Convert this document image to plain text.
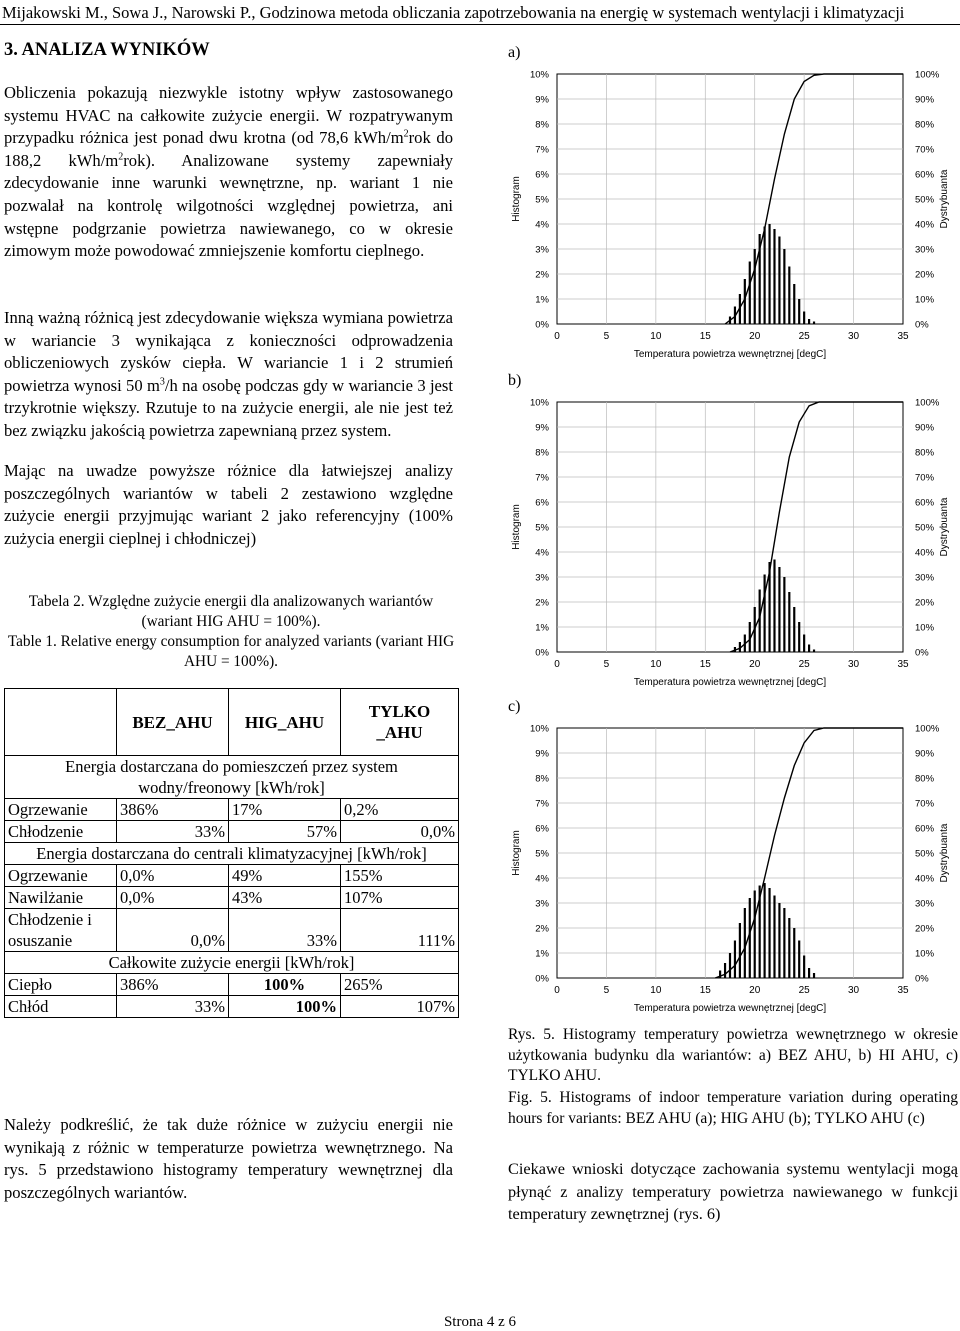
Mijakowski M., Sowa J., Narowski P., Godzinowa metoda obliczania zapotrzebowania na energię w systemach wentylacji i klimatyzacji
3. ANALIZA WYNIKÓW

Obliczenia pokazują niezwykle istotny wpływ zastosowanego systemu HVAC na całkowite zużycie energii. W rozpatrywanym przypadku różnica jest ponad dwu krotna (od 78,6 kWh/$m^2rok$ do 188,2 kWh/$m^2rok$). Analizowane systemy zapewniały zdecydowanie inne warunki wewnętrzne, np. wariant 1 nie pozwalał na kontrolę wilgotności względnej powietrza, ani wstępne podgrzanie powietrza nawiewanego, co w okresie zimowym może powodować zmniejszenie komfortu cieplnego.

Inną ważną różnicą jest zdecydowanie większa wymiana powietrza w wariancie 3 wynikająca z konieczności odprowadzenia obliczeniowych zysków ciepła. W wariancie 1 i 2 strumień powietrza wynosi 50 $m^3/h$ na osobę podczas gdy w wariancie 3 jest trzykrotnie większy. Rzutuje to na zużycie energii, ale nie jest też bez związku jakością powietrza zapewnianą przez system.

Mając na uwadze powyższe różnice dla łatwiejszej analizy poszczególnych wariantów w tabeli 2 zestawiono względne zużycie energii przyjmując wariant 2 jako referencyjny (100% zużycia energii cieplnej i chłodniczej)

Tabela 2. Względne zużycie energii dla analizowanych wariantów (wariant HIG AHU = 100%).
Table 1. Relative energy consumption for analyzed variants (variant HIG AHU = 100%).
	BEZ_AHU	HIG_AHU	TYLKO _AHU
Energia dostarczana do pomieszczeń przez system wodny/freonowy [kWh/rok]			
Ogrzewanie	386%	17%	0,2%
Chłodzenie	33%	57%	0,0%
Energia dostarczana do centrali klimatyzacyjnej [kWh/rok]			
Ogrzewanie	0,0%	49%	155%
Nawilżanie	0,0%	43%	107%
Chłodzenie i osuszanie	0,0%	33%	111%
Całkowite zużycie energii [kWh/rok]			
Ciepło	386%	100%	265%
Chłód	33%	100%	107%

Należy podkreślić, że tak duże różnice w zużyciu energii nie wynikają z różnic w temperaturze powietrza wewnętrznego. Na rys. 5 przedstawiono histogramy temperatury wewnętrznej dla poszczególnych wariantów.

a)
0%
1%
2%
3%
4%
5%
6%
7%
8%
9%
10%
0%
10%
20%
30%
40%
50%
60%
70%
80%
90%
100%
0	5	10	15	20	25	30	35
Temperatura powietrza wewnętrznej [degC]
Histogram	Dystrybuanta
b)
0%
1%
2%
3%
4%
5%
6%
7%
8%
9%
10%
0%
10%
20%
30%
40%
50%
60%
70%
80%
90%
100%
0	5	10	15	20	25	30	35
Temperatura powietrza wewnętrznej [degC]
Histogram	Dystrybuanta
c)
0%
1%
2%
3%
4%
5%
6%
7%
8%
9%
10%
0%
10%
20%
30%
40%
50%
60%
70%
80%
90%
100%
0	5	10	15	20	25	30	35
Temperatura powietrza wewnętrznej [degC]
Histogram	Dystrybuanta

Rys. 5. Histogramy temperatury powietrza wewnętrznego w okresie użytkowania budynku dla wariantów: a) BEZ AHU, b) HI AHU, c) TYLKO AHU.

Fig. 5. Histograms of indoor temperature variation during operating hours for variants: BEZ AHU (a); HIG AHU (b); TYLKO AHU (c)

Ciekawe wnioski dotyczące zachowania systemu wentylacji mogą płynąć z analizy temperatury powietrza nawiewanego w funkcji temperatury zewnętrznej (rys. 6)

Strona 4 z 6
